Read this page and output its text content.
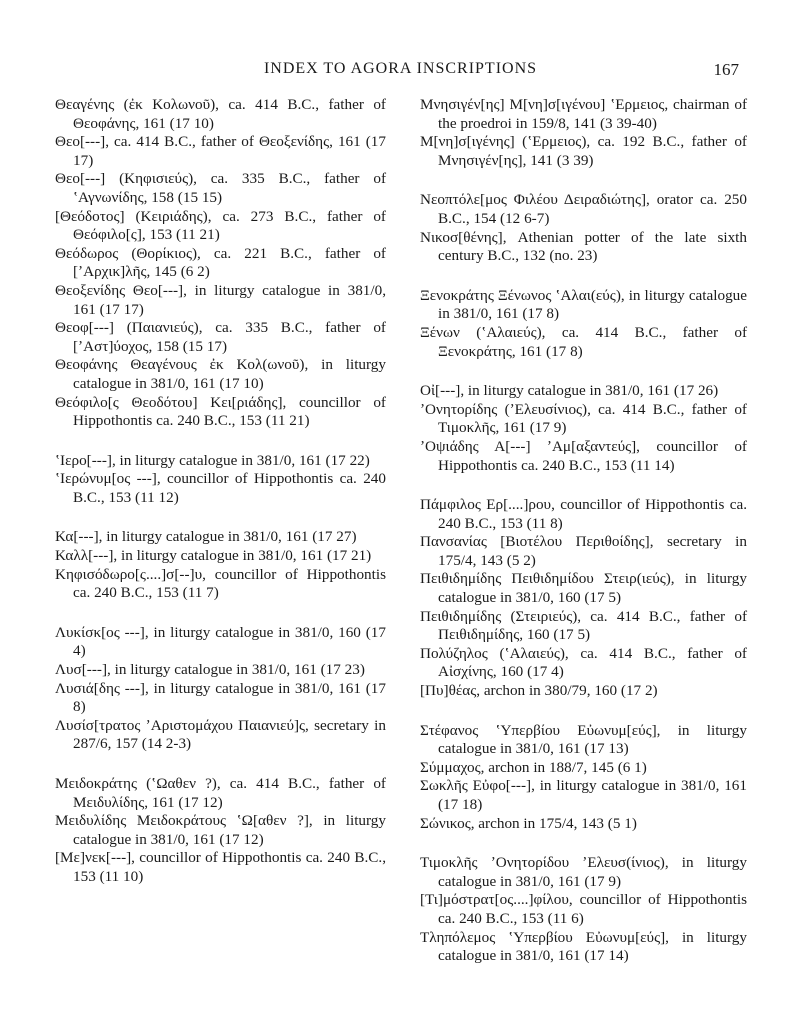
INDEX TO AGORA INSCRIPTIONS	167

Θεαγένης (ἐκ Κολωνοῦ), ca. 414 B.C., father of Θεοφάνης, 161 (17 10)

Θεο[---], ca. 414 B.C., father of Θεοξενίδης, 161 (17 17)

Θεο[---] (Κηφισιεύς), ca. 335 B.C., father of ʽΑγνωνίδης, 158 (15 15)

[Θεόδοτος] (Κειριάδης), ca. 273 B.C., father of Θεόφιλο[ς], 153 (11 21)

Θεόδωρος (Θορίκιος), ca. 221 B.C., father of [ʼΑρχικ]λῆς, 145 (6 2)

Θεοξενίδης Θεο[---], in liturgy catalogue in 381/0, 161 (17 17)

Θεοφ[---] (Παιανιεύς), ca. 335 B.C., father of [ʼΑστ]ύοχος, 158 (15 17)

Θεοφάνης Θεαγένους ἐκ Κολ(ωνοῦ), in liturgy catalogue in 381/0, 161 (17 10)

Θεόφιλο[ς Θεοδότου] Κει[ριάδης], councillor of Hippothontis ca. 240 B.C., 153 (11 21)

ʽΙερο[---], in liturgy catalogue in 381/0, 161 (17 22)

ʽΙερώνυμ[ος ---], councillor of Hippothontis ca. 240 B.C., 153 (11 12)

Κα[---], in liturgy catalogue in 381/0, 161 (17 27)

Καλλ[---], in liturgy catalogue in 381/0, 161 (17 21)

Κηφισόδωρο[ς....]σ[--]υ, councillor of Hippothontis ca. 240 B.C., 153 (11 7)

Λυκίσκ[ος ---], in liturgy catalogue in 381/0, 160 (17 4)

Λυσ[---], in liturgy catalogue in 381/0, 161 (17 23)

Λυσιά[δης ---], in liturgy catalogue in 381/0, 161 (17 8)

Λυσίσ[τρατος ʼΑριστομάχου Παιανιεύ]ς, secretary in 287/6, 157 (14 2-3)

Μειδοκράτης (ʽΩαθεν ?), ca. 414 B.C., father of Μειδυλίδης, 161 (17 12)

Μειδυλίδης Μειδοκράτους ʽΩ[αθεν ?], in liturgy catalogue in 381/0, 161 (17 12)

[Με]νεκ[---], councillor of Hippothontis ca. 240 B.C., 153 (11 10)

Μνησιγέν[ης] Μ[νη]σ[ιγένου] ʽΕρμειος, chairman of the proedroi in 159/8, 141 (3 39-40)

Μ[νη]σ[ιγένης] (ʽΕρμειος), ca. 192 B.C., father of Μνησιγέν[ης], 141 (3 39)

Νεοπτόλε[μος Φιλέου Δειραδιώτης], orator ca. 250 B.C., 154 (12 6-7)

Νικοσ[θένης], Athenian potter of the late sixth century B.C., 132 (no. 23)

Ξενοκράτης Ξένωνος ʽΑλαι(εύς), in liturgy catalogue in 381/0, 161 (17 8)

Ξένων (ʽΑλαιεύς), ca. 414 B.C., father of Ξενοκράτης, 161 (17 8)

Οἰ[---], in liturgy catalogue in 381/0, 161 (17 26)

ʼΟνητορίδης (ʼΕλευσίνιος), ca. 414 B.C., father of Τιμοκλῆς, 161 (17 9)

ʼΟψιάδης Α[---] ʼΑμ[αξαντεύς], councillor of Hippothontis ca. 240 B.C., 153 (11 14)

Πάμφιλος Ερ[....]ρου, councillor of Hippothontis ca. 240 B.C., 153 (11 8)

Πανσανίας [Βιοτέλου Περιθοίδης], secretary in 175/4, 143 (5 2)

Πειθιδημίδης Πειθιδημίδου Στειρ(ιεύς), in liturgy catalogue in 381/0, 160 (17 5)

Πειθιδημίδης (Στειριεύς), ca. 414 B.C., father of Πειθιδημίδης, 160 (17 5)

Πολύζηλος (ʽΑλαιεύς), ca. 414 B.C., father of Αἰσχίνης, 160 (17 4)

[Πυ]θέας, archon in 380/79, 160 (17 2)

Στέφανος ʽΥπερβίου Εὐωνυμ[εύς], in liturgy catalogue in 381/0, 161 (17 13)

Σύμμαχος, archon in 188/7, 145 (6 1)

Σωκλῆς Εὐφο[---], in liturgy catalogue in 381/0, 161 (17 18)

Σώνικος, archon in 175/4, 143 (5 1)

Τιμοκλῆς ʼΟνητορίδου ʼΕλευσ(ίνιος), in liturgy catalogue in 381/0, 161 (17 9)

[Τι]μόστρατ[ος....]φίλου, councillor of Hippothontis ca. 240 B.C., 153 (11 6)

Τληπόλεμος ʽΥπερβίου Εὐωνυμ[εύς], in liturgy catalogue in 381/0, 161 (17 14)
